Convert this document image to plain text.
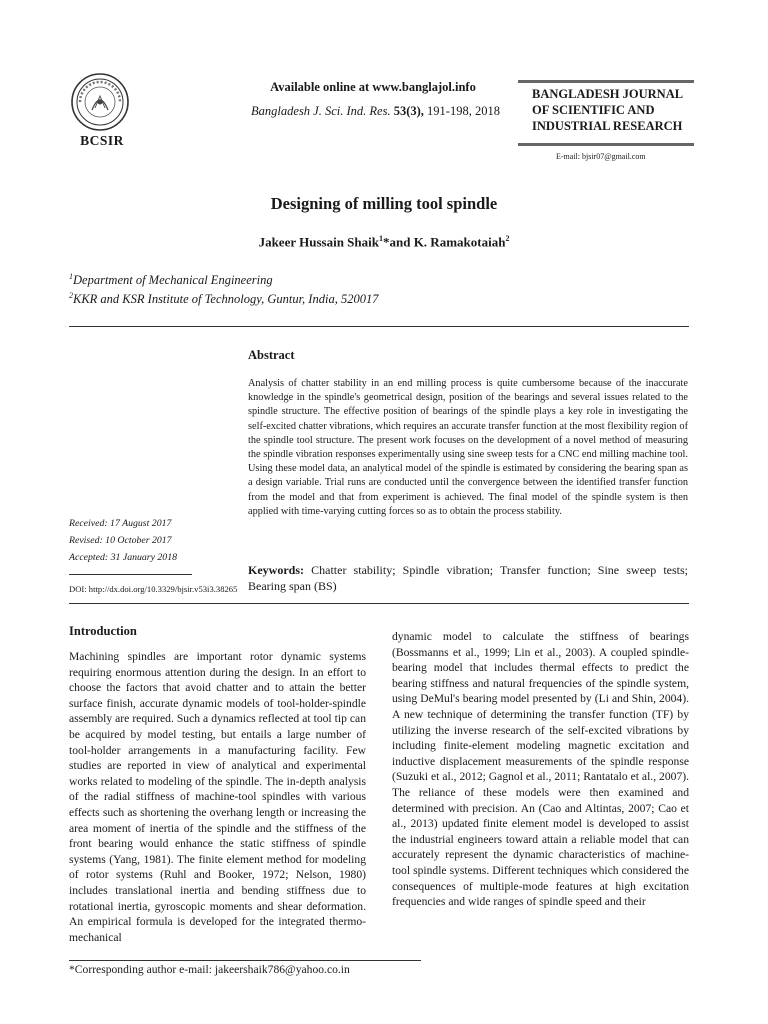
BCSIR
Available online at www.banglajol.info
Bangladesh J. Sci. Ind. Res. 53(3), 191-198, 2018
BANGLADESH JOURNAL
OF SCIENTIFIC AND
INDUSTRIAL RESEARCH
E-mail: bjsir07@gmail.com
Designing of milling tool spindle
Jakeer Hussain Shaik$^1$*and K. Ramakotaiah$^2$
$^1$Department of Mechanical Engineering
$^2$KKR and KSR Institute of Technology, Guntur, India, 520017
Abstract
Analysis of chatter stability in an end milling process is quite cumbersome because of the inaccurate knowledge in the spindle's geometrical design, position of the bearings and several issues related to the spindle structure. The effective position of bearings of the spindle plays a key role in investigating the self-excited chatter vibrations, which requires an accurate transfer function at the most flexibility region of the spindle tool structure. The present work focuses on the development of a novel method of measuring the spindle vibration responses experimentally using sine sweep tests for a CNC end milling machine tool. Using these model data, an analytical model of the spindle is estimated by considering the bearing span as a design variable. Trial runs are conducted until the convergence between the identified transfer function from the model and that from experiment is achieved. The final model of the spindle system is then applied with time-varying cutting forces so as to obtain the process stability.
Received: 17 August 2017
Revised: 10 October 2017
Accepted: 31 January 2018
DOI: http://dx.doi.org/10.3329/bjsir.v53i3.38265
Keywords: Chatter stability; Spindle vibration; Transfer function; Sine sweep tests; Bearing span (BS)
Introduction
Machining spindles are important rotor dynamic systems requiring enormous attention during the design. In an effort to choose the factors that avoid chatter and to attain the better surface finish, accurate dynamic models of tool-holder-spindle assembly are required. Such a dynamics reflected at tool tip can be acquired by model testing, but entails a large number of tool-holder arrangements in a manufacturing facility. Few studies are reported in view of analytical and experimental works related to modeling of the spindle. The in-depth analysis of the radial stiffness of machine-tool spindles with various effects such as shortening the overhang length or increasing the area moment of inertia of the spindle and the stiffness of the front bearing would enhance the static stiffness of spindle systems (Yang, 1981). The finite element method for modeling of rotor systems (Ruhl and Booker, 1972; Nelson, 1980) includes translational inertia and bending stiffness due to rotational inertia, gyroscopic moments and shear deformation. An empirical formula is developed for the integrated thermo-mechanical
dynamic model to calculate the stiffness of bearings (Bossmanns et al., 1999; Lin et al., 2003). A coupled spindle-bearing model that includes thermal effects to predict the bearing stiffness and natural frequencies of the spindle system, using DeMul's bearing model presented by (Li and Shin, 2004). A new technique of determining the transfer function (TF) by utilizing the inverse research of the self-excited vibrations by including finite-element modeling magnetic excitation and inductive displacement measurements of the spindle response (Suzuki et al., 2012; Gagnol et al., 2011; Rantatalo et al., 2007). The reliance of these models were then examined and determined with precision. An (Cao and Altintas, 2007; Cao et al., 2013) updated finite element model is developed to assist the industrial engineers toward attain a reliable model that can accurately represent the dynamic characteristics of machine-tool spindle systems. Different techniques which considered the consequences of multiple-mode features at high excitation frequencies and wide ranges of spindle speed and their
*Corresponding author e-mail: jakeershaik786@yahoo.co.in
